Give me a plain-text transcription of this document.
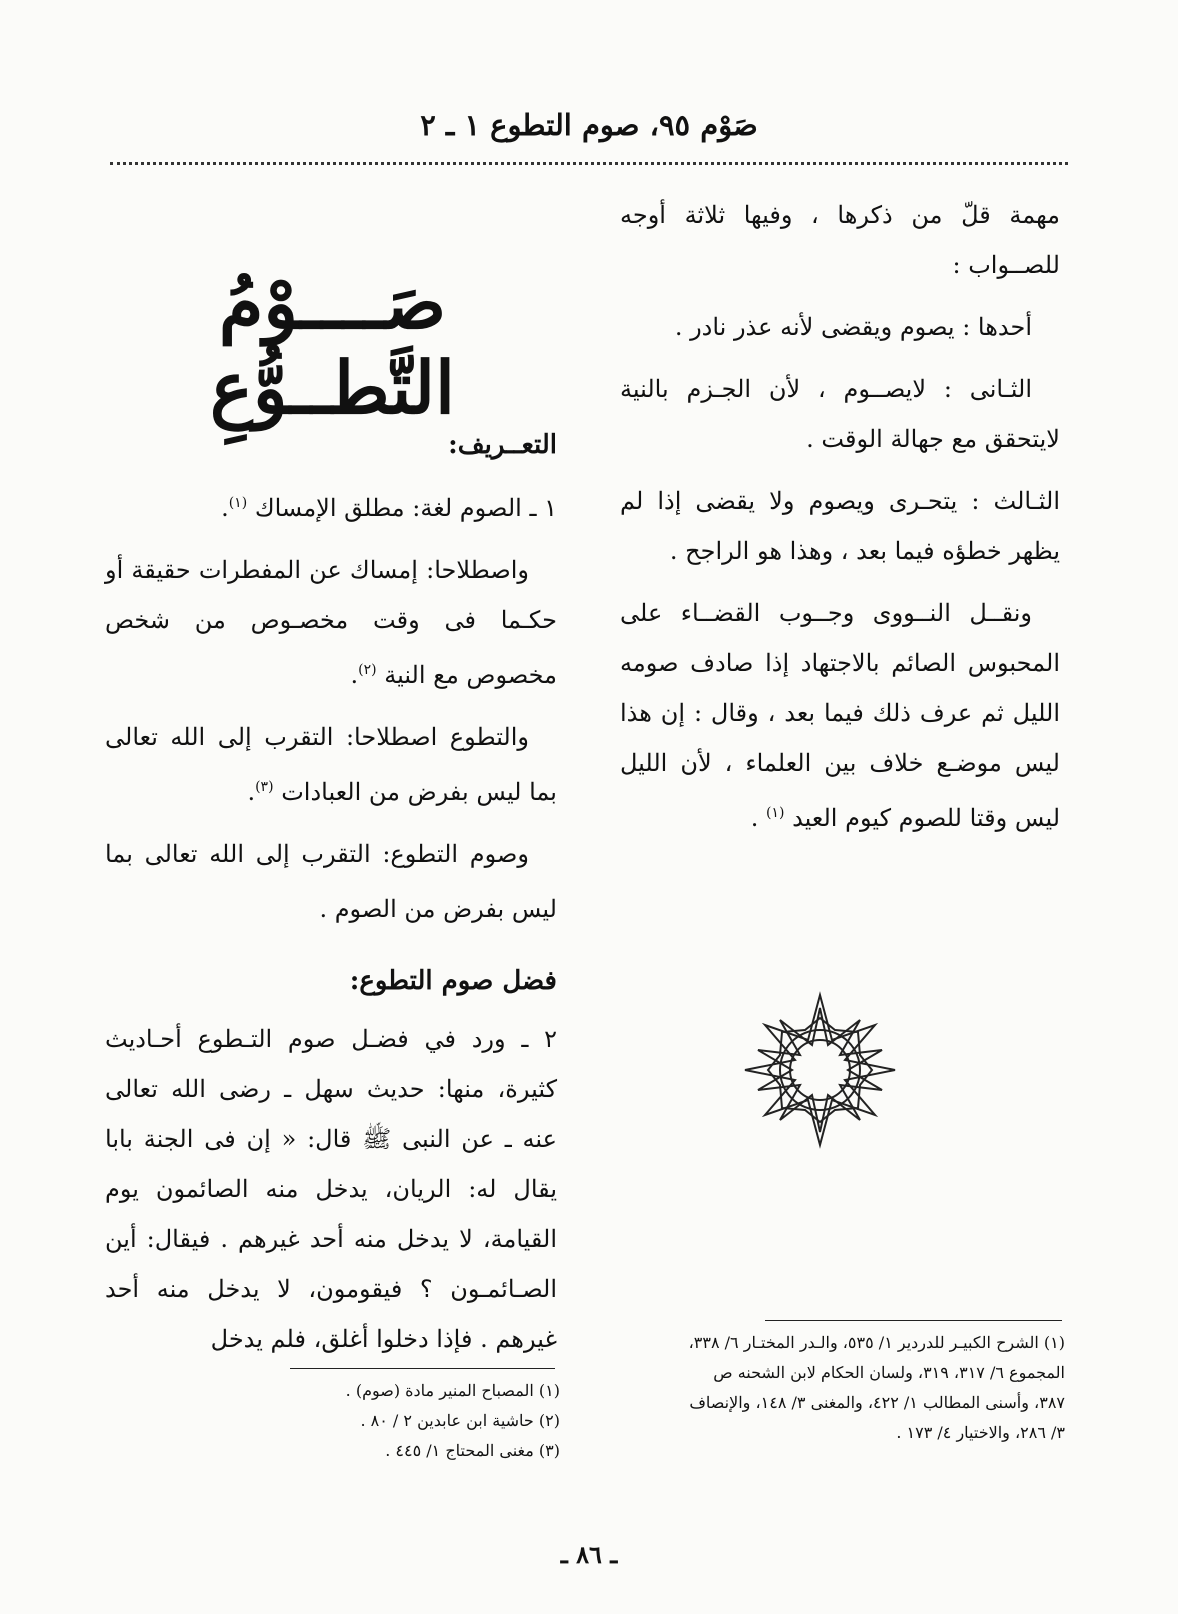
صَوْم ٩٥، صوم التطوع ١ ـ ٢

مهمة قلّ من ذكرها ، وفيها ثلاثة أوجه للصــواب :

أحدها : يصوم ويقضى لأنه عذر نادر .

الثـانى : لايصــوم ، لأن الجـزم بالنية لايتحقق مع جهالة الوقت .

الثـالث : يتحـرى ويصوم ولا يقضى إذا لم يظهر خطؤه فيما بعد ، وهذا هو الراجح .

ونقــل النــووى وجــوب القضــاء على المحبوس الصائم بالاجتهاد إذا صادف صومه الليل ثم عرف ذلك فيما بعد ، وقال : إن هذا ليس موضـع خلاف بين العلماء ، لأن الليل ليس وقتا للصوم كيوم العيد $^{(١)}$ .

صَــــوْمُ التَّطــوُّعِ
التعــريف:

١ ـ الصوم لغة: مطلق الإمساك $^{(١)}$.

واصطلاحا: إمساك عن المفطرات حقيقة أو حكـما فى وقت مخصـوص من شخص مخصوص مع النية $^{(٢)}$.

والتطوع اصطلاحا: التقرب إلى الله تعالى بما ليس بفرض من العبادات $^{(٣)}$.

وصوم التطوع: التقرب إلى الله تعالى بما ليس بفرض من الصوم .

فضل صوم التطوع:

٢ ـ ورد في فضـل صوم التـطوع أحـاديث كثيرة، منها: حديث سهل ـ رضى الله تعالى عنه ـ عن النبى ﷺ قال: « إن فى الجنة بابا يقال له: الريان، يدخل منه الصائمون يوم القيامة، لا يدخل منه أحد غيرهم . فيقال: أين الصـائمـون ؟ فيقومون، لا يدخل منه أحد غيرهم . فإذا دخلوا أغلق، فلم يدخل

(١) المصباح المنير مادة (صوم) .

(٢) حاشية ابن عابدين ٢ / ٨٠ .

(٣) مغنى المحتاج ١/ ٤٤٥ .

(١) الشرح الكبيـر للدردير ١/ ٥٣٥، والـدر المختـار ٦/ ٣٣٨،

المجموع ٦/ ٣١٧، ٣١٩، ولسان الحكام لابن الشحنه ص

٣٨٧، وأسنى المطالب ١/ ٤٢٢، والمغنى ٣/ ١٤٨، والإنصاف

٣/ ٢٨٦، والاختيار ٤/ ١٧٣ .

ـ ٨٦ ـ
